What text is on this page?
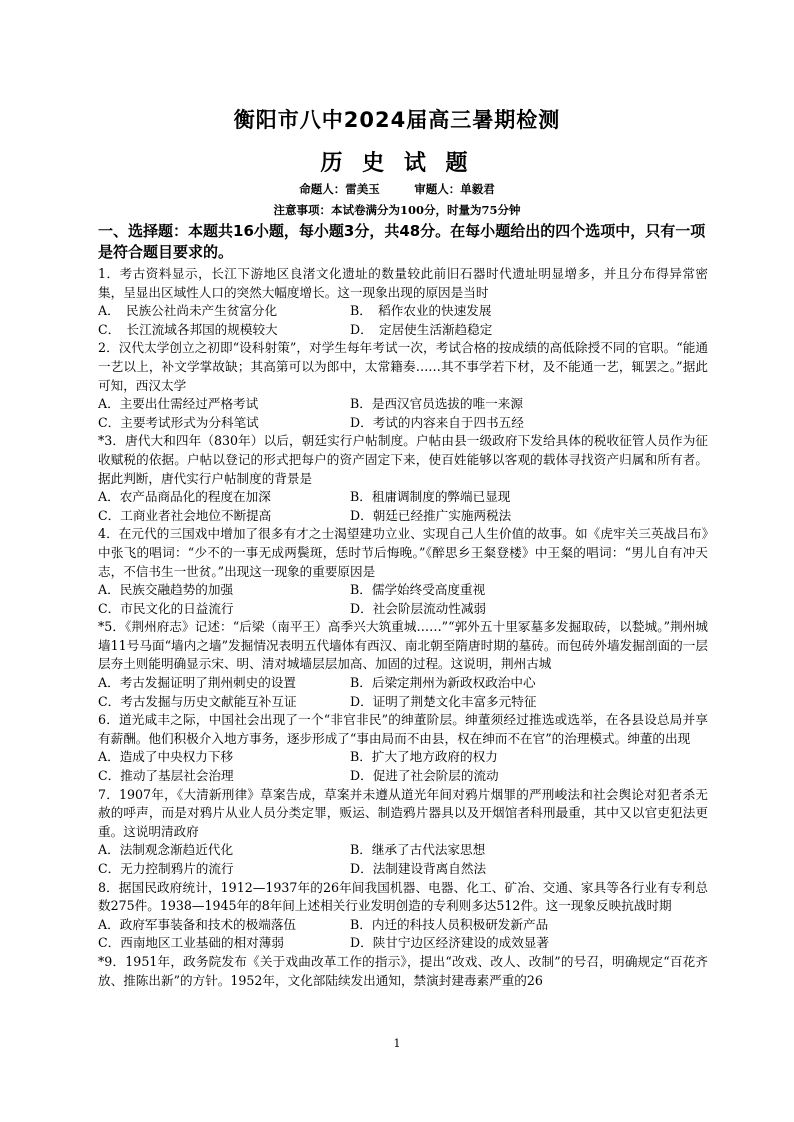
衡阳市八中2024届高三暑期检测
历 史 试 题
命题人：雷美玉　　　审题人：单毅君
注意事项：本试卷满分为100分，时量为75分钟
一、选择题：本题共16小题，每小题3分，共48分。在每小题给出的四个选项中，只有一项是符合题目要求的。

1．考古资料显示，长江下游地区良渚文化遗址的数量较此前旧石器时代遗址明显增多，并且分布得异常密集，呈显出区域性人口的突然大幅度增长。这一现象出现的原因是当时

A．　民族公社尚未产生贫富分化	B．　稻作农业的快速发展
C．　长江流域各邦国的规模较大	D．　定居使生活渐趋稳定

2．汉代太学创立之初即“设科射策”，对学生每年考试一次，考试合格的按成绩的高低除授不同的官职。“能通一艺以上，补文学掌故缺；其高第可以为郎中，太常籍奏……其不事学若下材，及不能通一艺，辄罢之。”据此可知，西汉太学

A．主要出仕需经过严格考试	B．是西汉官员选拔的唯一来源
C．主要考试形式为分科笔试	D．考试的内容来自于四书五经

*3．唐代大和四年（830年）以后，朝廷实行户帖制度。户帖由县一级政府下发给具体的税收征管人员作为征收赋税的依据。户帖以登记的形式把每户的资产固定下来，使百姓能够以客观的载体寻找资产归属和所有者。据此判断，唐代实行户帖制度的背景是

A．农产品商品化的程度在加深	B．租庸调制度的弊端已显现
C．工商业者社会地位不断提高	D．朝廷已经推广实施两税法

4．在元代的三国戏中增加了很多有才之士渴望建功立业、实现自己人生价值的故事。如《虎牢关三英战吕布》中张飞的唱词：“少不的一事无成两鬓斑，恁时节后悔晚。”《醉思乡王粲登楼》中王粲的唱词：“男儿自有冲天志，不信书生一世贫。”出现这一现象的重要原因是

A．民族交融趋势的加强	B．儒学始终受高度重视
C．市民文化的日益流行	D．社会阶层流动性减弱

*5．《荆州府志》记述：“后梁（南平王）高季兴大筑重城……”“郭外五十里冢墓多发掘取砖，以甃城。”荆州城墙11号马面“墙内之墙”发掘情况表明五代墙体有西汉、南北朝至隋唐时期的墓砖。而包砖外墙发掘剖面的一层层夯土则能明确显示宋、明、清对城墙层层加高、加固的过程。这说明，荆州古城

A．考古发掘证明了荆州刺史的设置	B．后梁定荆州为新政权政治中心
C．考古发掘与历史文献能互补互证	D．证明了荆楚文化丰富多元特征

6．道光咸丰之际，中国社会出现了一个“非官非民”的绅董阶层。绅董须经过推选或选举，在各县设总局并享有薪酬。他们积极介入地方事务，逐步形成了“事由局而不由县，权在绅而不在官”的治理模式。绅董的出现

A．造成了中央权力下移	B．扩大了地方政府的权力
C．推动了基层社会治理	D．促进了社会阶层的流动

7．1907年，《大清新刑律》草案告成，草案并未遵从道光年间对鸦片烟罪的严刑峻法和社会舆论对犯者杀无赦的呼声，而是对鸦片从业人员分类定罪，贩运、制造鸦片器具以及开烟馆者科刑最重，其中又以官吏犯法更重。这说明清政府

A．法制观念渐趋近代化	B．继承了古代法家思想
C．无力控制鸦片的流行	D．法制建设背离自然法

8．据国民政府统计，1912—1937年的26年间我国机器、电器、化工、矿冶、交通、家具等各行业有专利总数275件。1938—1945年的8年间上述相关行业发明创造的专利则多达512件。这一现象反映抗战时期

A．政府军事装备和技术的极端落伍	B．内迁的科技人员积极研发新产品
C．西南地区工业基础的相对薄弱	D．陕甘宁边区经济建设的成效显著

*9．1951年，政务院发布《关于戏曲改革工作的指示》，提出“改戏、改人、改制”的号召，明确规定“百花齐放、推陈出新”的方针。1952年，文化部陆续发出通知，禁演封建毒素严重的26

1
